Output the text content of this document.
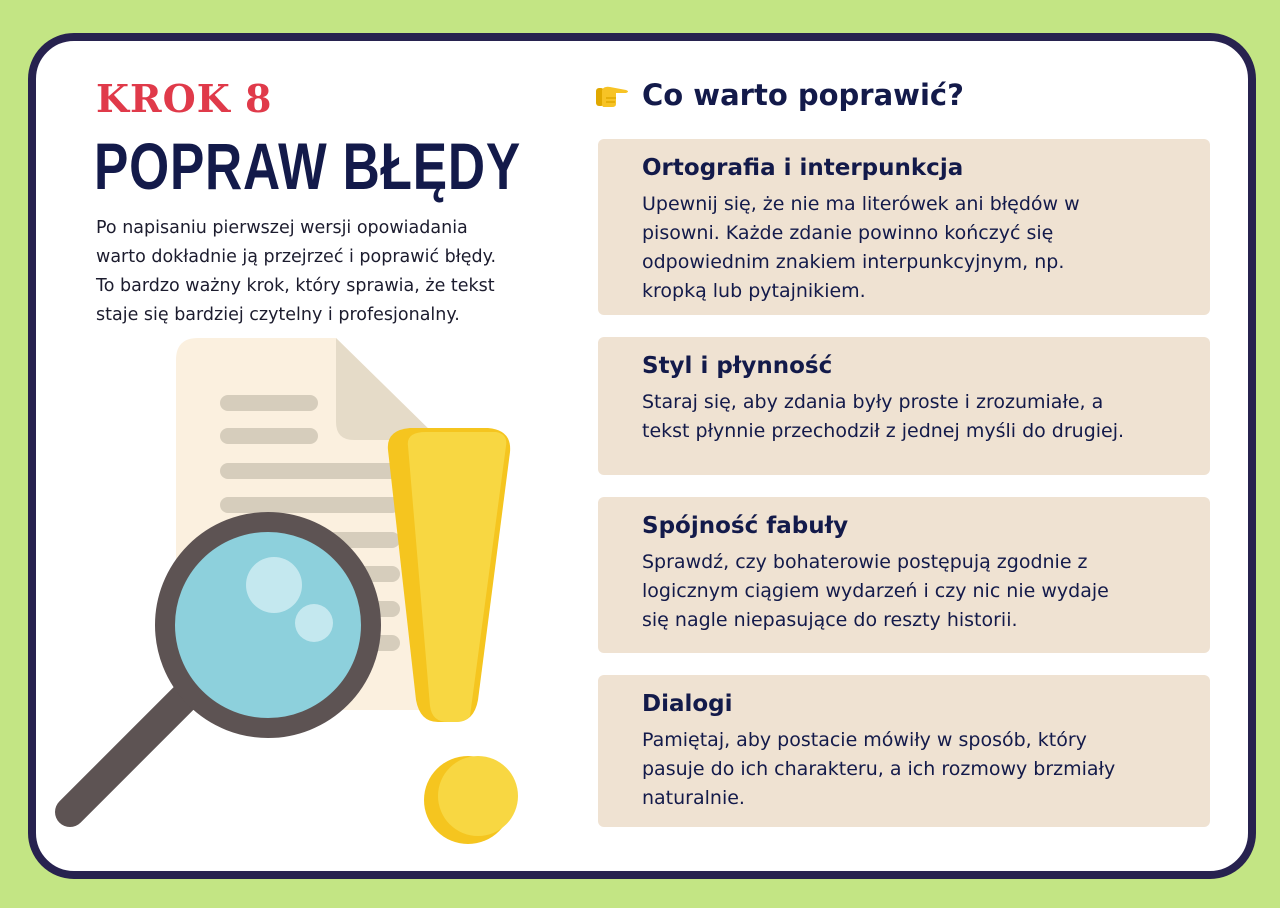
KROK 8
POPRAW BŁĘDY
Po napisaniu pierwszej wersji opowiadania
warto dokładnie ją przejrzeć i poprawić błędy.
To bardzo ważny krok, który sprawia, że tekst
staje się bardziej czytelny i profesjonalny.
Co warto poprawić?
Ortografia i interpunkcja
Upewnij się, że nie ma literówek ani błędów w
pisowni. Każde zdanie powinno kończyć się
odpowiednim znakiem interpunkcyjnym, np.
kropką lub pytajnikiem.
Styl i płynność
Staraj się, aby zdania były proste i zrozumiałe, a
tekst płynnie przechodził z jednej myśli do drugiej.
Spójność fabuły
Sprawdź, czy bohaterowie postępują zgodnie z
logicznym ciągiem wydarzeń i czy nic nie wydaje
się nagle niepasujące do reszty historii.
Dialogi
Pamiętaj, aby postacie mówiły w sposób, który
pasuje do ich charakteru, a ich rozmowy brzmiały
naturalnie.
